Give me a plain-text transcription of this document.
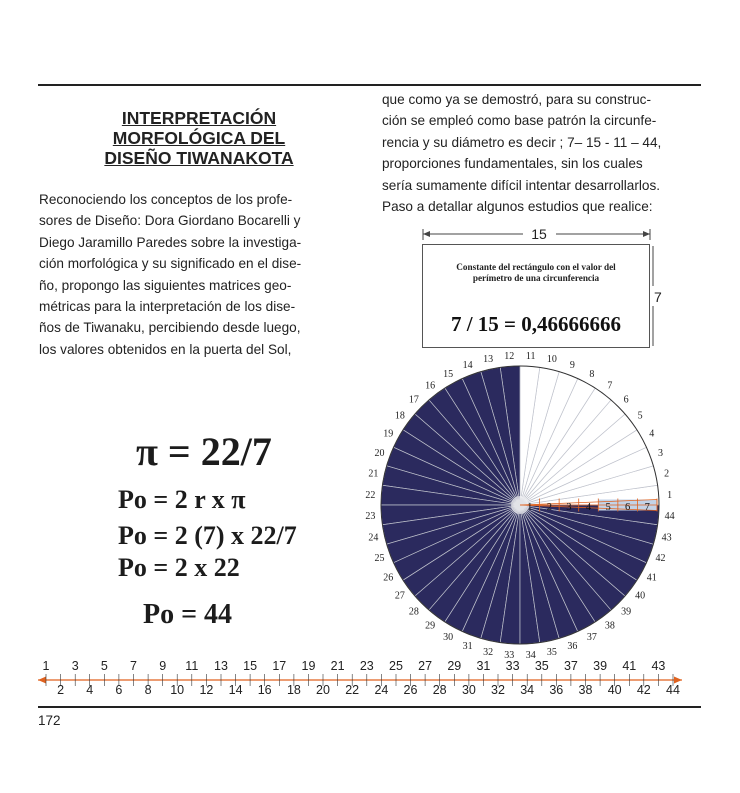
INTERPRETACIÓN
MORFOLÓGICA DEL
DISEÑO TIWANAKOTA
Reconociendo los conceptos de los profe-
sores de Diseño: Dora Giordano Bocarelli y
Diego Jaramillo Paredes sobre la investiga-
ción morfológica y su significado en el dise-
ño, propongo las siguientes matrices geo-
métricas para la interpretación de los dise-
ños de Tiwanaku, percibiendo desde luego,
los valores obtenidos en la puerta del Sol,
que como ya se demostró, para su construc-
ción se empleó como base patrón la circunfe-
rencia y su diámetro es decir ; 7– 15 - 11 – 44,
proporciones fundamentales, sin los cuales
sería sumamente difícil intentar desarrollarlos.
Paso a detallar algunos estudios que realice:
Constante del rectángulo con el valor del
perímetro de una circunferencia
7 / 15 = 0,46666666
π = 22/7
Po = 2 r x π
Po = 2 (7) x 22/7
Po = 2 x 22
Po = 44
172
15
7
1 2 3 4 5 6 7
1
2
3
4
5
6
7
8
9
10
11
12
13
14
15
16
17
18
19
20
21
22
23
24
25
26
27
28
29
30
31
32 33 34 35
36
37
38
39
40
41
42
43
44
1
2
3
4
5
6
7
8
9
10
11
12
13
14
15
16
17
18
19
20
21
22
23
24
25
26
27
28
29
30
31
32
33
34
35
36
37
38
39
40
41
42
43
44
